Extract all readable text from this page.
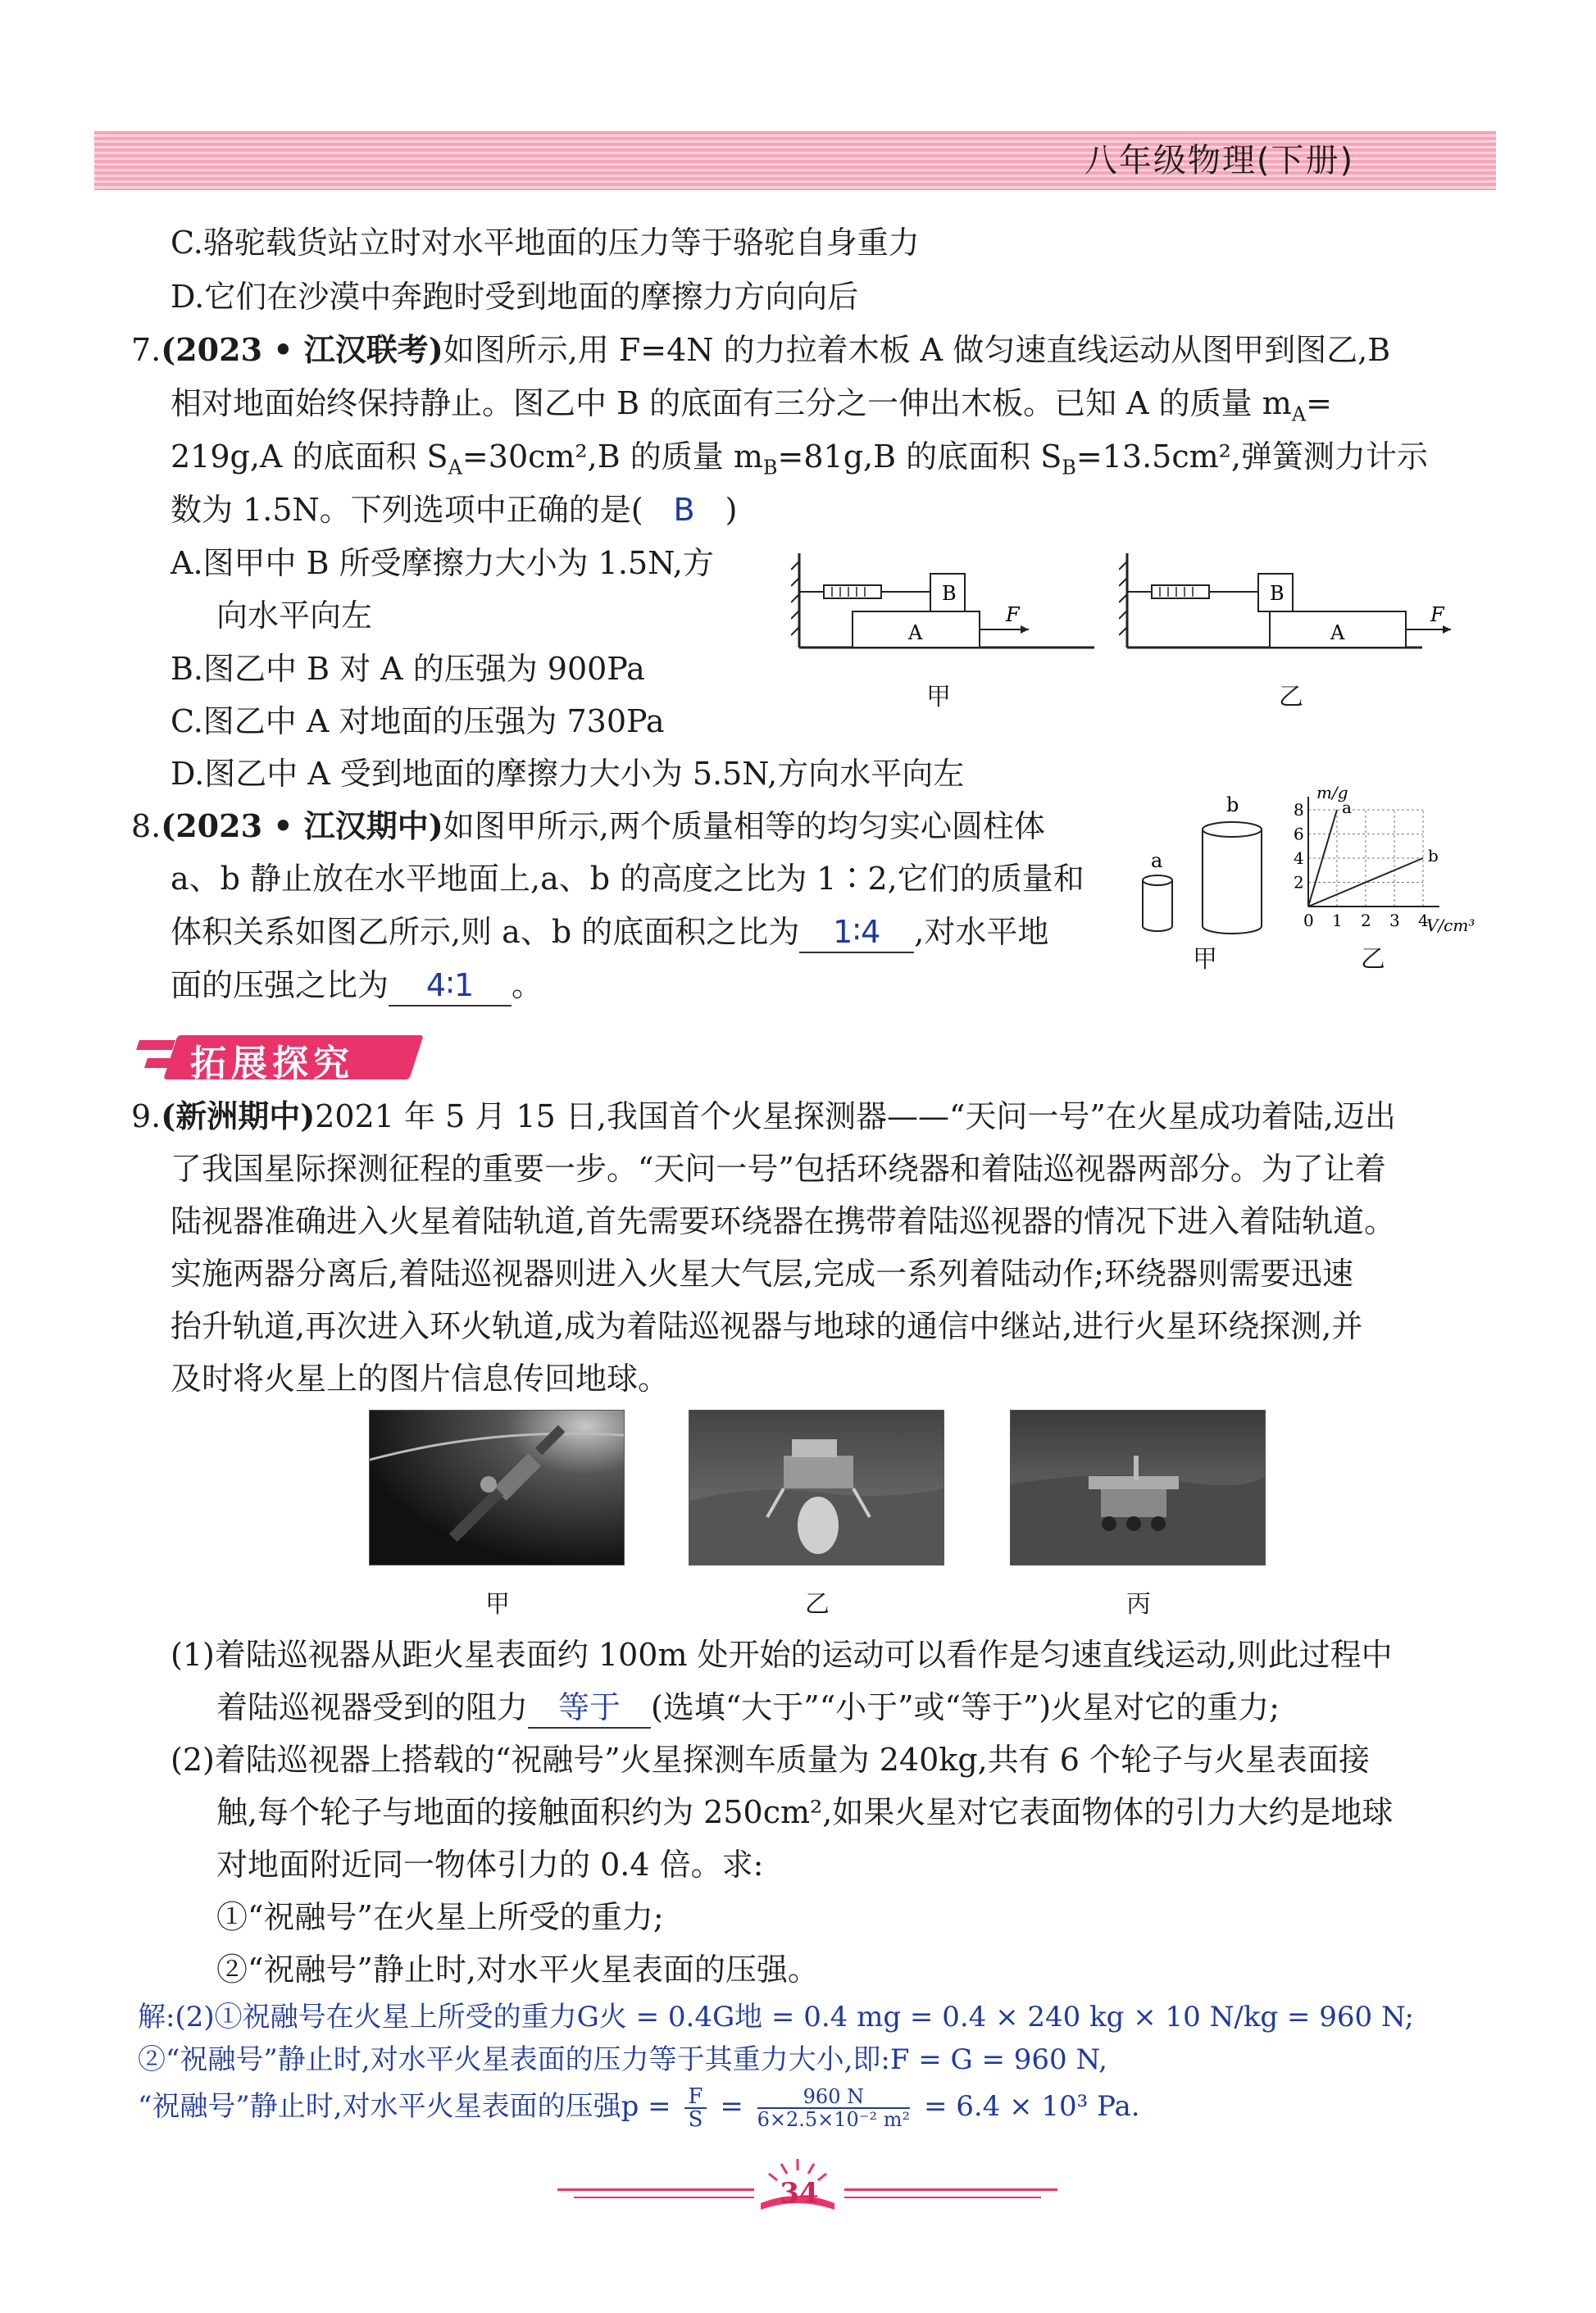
八年级物理(下册)
C.骆驼载货站立时对水平地面的压力等于骆驼自身重力
D.它们在沙漠中奔跑时受到地面的摩擦力方向向后
7.(2023 • 江汉联考)如图所示,用 F=4N 的力拉着木板 A 做匀速直线运动从图甲到图乙,B
相对地面始终保持静止。图乙中 B 的底面有三分之一伸出木板。已知 A 的质量 $m_A=$
219g,A 的底面积 $S_A=30cm^2,B$ 的质量 $m_B=81g,B$ 的底面积 $S_B=13.5cm^2$,弹簧测力计示
数为 1.5N。下列选项中正确的是( B )
A.图甲中 B 所受摩擦力大小为 1.5N,方
向水平向左
B.图乙中 B 对 A 的压强为 900Pa
C.图乙中 A 对地面的压强为 730Pa
D.图乙中 A 受到地面的摩擦力大小为 5.5N,方向水平向左
B
A
F
甲
B
A
F
乙
8.(2023 • 江汉期中)如图甲所示,两个质量相等的均匀实心圆柱体
a、b 静止放在水平地面上,a、b 的高度之比为 1∶2,它们的质量和
体积关系如图乙所示,则 a、b 的底面积之比为 1∶4 ,对水平地
面的压强之比为 4∶1 。
a
b
甲
2
4
6
8
0 1 2 3 4
a
b
m/g
V/cm³
乙
拓展探究
9.(新洲期中)2021 年 5 月 15 日,我国首个火星探测器——“天问一号”在火星成功着陆,迈出
了我国星际探测征程的重要一步。“天问一号”包括环绕器和着陆巡视器两部分。为了让着
陆视器准确进入火星着陆轨道,首先需要环绕器在携带着陆巡视器的情况下进入着陆轨道。
实施两器分离后,着陆巡视器则进入火星大气层,完成一系列着陆动作;环绕器则需要迅速
抬升轨道,再次进入环火轨道,成为着陆巡视器与地球的通信中继站,进行火星环绕探测,并
及时将火星上的图片信息传回地球。
甲	乙	丙
(1)着陆巡视器从距火星表面约 100m 处开始的运动可以看作是匀速直线运动,则此过程中
着陆巡视器受到的阻力 等于 (选填“大于”“小于”或“等于”)火星对它的重力;
(2)着陆巡视器上搭载的“祝融号”火星探测车质量为 240kg,共有 6 个轮子与火星表面接
触,每个轮子与地面的接触面积约为 250cm²,如果火星对它表面物体的引力大约是地球
对地面附近同一物体引力的 0.4 倍。求:
①“祝融号”在火星上所受的重力;
②“祝融号”静止时,对水平火星表面的压强。
解:(2)①祝融号在火星上所受的重力G火 = 0.4G地 = 0.4 mg = 0.4 × 240 kg × 10 N/kg = 960 N;
②“祝融号”静止时,对水平火星表面的压力等于其重力大小,即:F = G = 960 N,
“祝融号”静止时,对水平火星表面的压强$p = \frac{F}{S} = \frac{960 N}{\text{6×2.5×10⁻² m²}} = 6.4 \times 10^3$ Pa.
34
